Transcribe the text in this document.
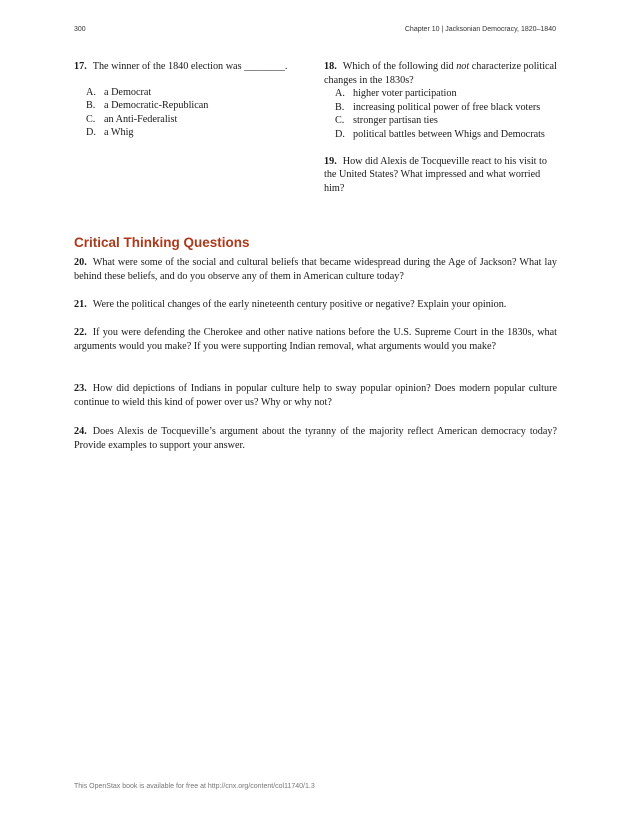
300	Chapter 10 | Jacksonian Democracy, 1820–1840

17. The winner of the 1840 election was ________.

A. a Democrat
B. a Democratic-Republican
C. an Anti-Federalist
D. a Whig

18. Which of the following did not characterize political changes in the 1830s?

A. higher voter participation
B. increasing political power of free black voters
C. stronger partisan ties
D. political battles between Whigs and Democrats

19. How did Alexis de Tocqueville react to his visit to the United States? What impressed and what worried him?

Critical Thinking Questions

20. What were some of the social and cultural beliefs that became widespread during the Age of Jackson? What lay behind these beliefs, and do you observe any of them in American culture today?

21. Were the political changes of the early nineteenth century positive or negative? Explain your opinion.

22. If you were defending the Cherokee and other native nations before the U.S. Supreme Court in the 1830s, what arguments would you make? If you were supporting Indian removal, what arguments would you make?

23. How did depictions of Indians in popular culture help to sway popular opinion? Does modern popular culture continue to wield this kind of power over us? Why or why not?

24. Does Alexis de Tocqueville’s argument about the tyranny of the majority reflect American democracy today? Provide examples to support your answer.

This OpenStax book is available for free at http://cnx.org/content/col11740/1.3
